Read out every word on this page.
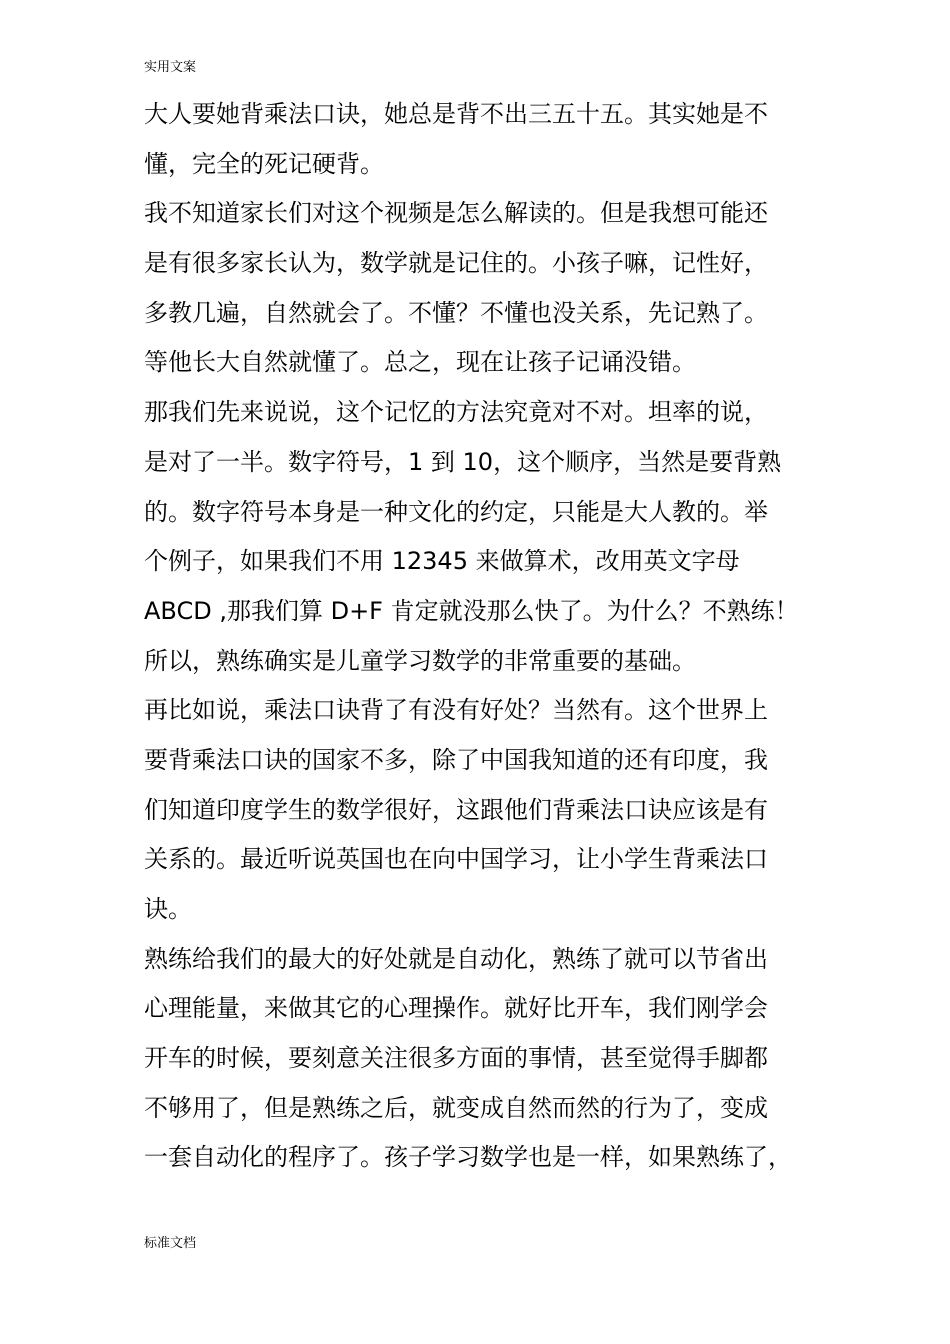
实用文案
大人要她背乘法口诀，她总是背不出三五十五。其实她是不
懂，完全的死记硬背。
我不知道家长们对这个视频是怎么解读的。但是我想可能还
是有很多家长认为，数学就是记住的。小孩子嘛，记性好，
多教几遍，自然就会了。不懂？不懂也没关系，先记熟了。
等他长大自然就懂了。总之，现在让孩子记诵没错。
那我们先来说说，这个记忆的方法究竟对不对。坦率的说，
是对了一半。数字符号，1 到 10，这个顺序，当然是要背熟
的。数字符号本身是一种文化的约定，只能是大人教的。举
个例子，如果我们不用 12345 来做算术，改用英文字母
ABCD ,那我们算 D+F 肯定就没那么快了。为什么？不熟练！
所以，熟练确实是儿童学习数学的非常重要的基础。
再比如说，乘法口诀背了有没有好处？当然有。这个世界上
要背乘法口诀的国家不多，除了中国我知道的还有印度，我
们知道印度学生的数学很好，这跟他们背乘法口诀应该是有
关系的。最近听说英国也在向中国学习，让小学生背乘法口
诀。
熟练给我们的最大的好处就是自动化，熟练了就可以节省出
心理能量，来做其它的心理操作。就好比开车，我们刚学会
开车的时候，要刻意关注很多方面的事情，甚至觉得手脚都
不够用了，但是熟练之后，就变成自然而然的行为了，变成
一套自动化的程序了。孩子学习数学也是一样，如果熟练了，
标准文档
